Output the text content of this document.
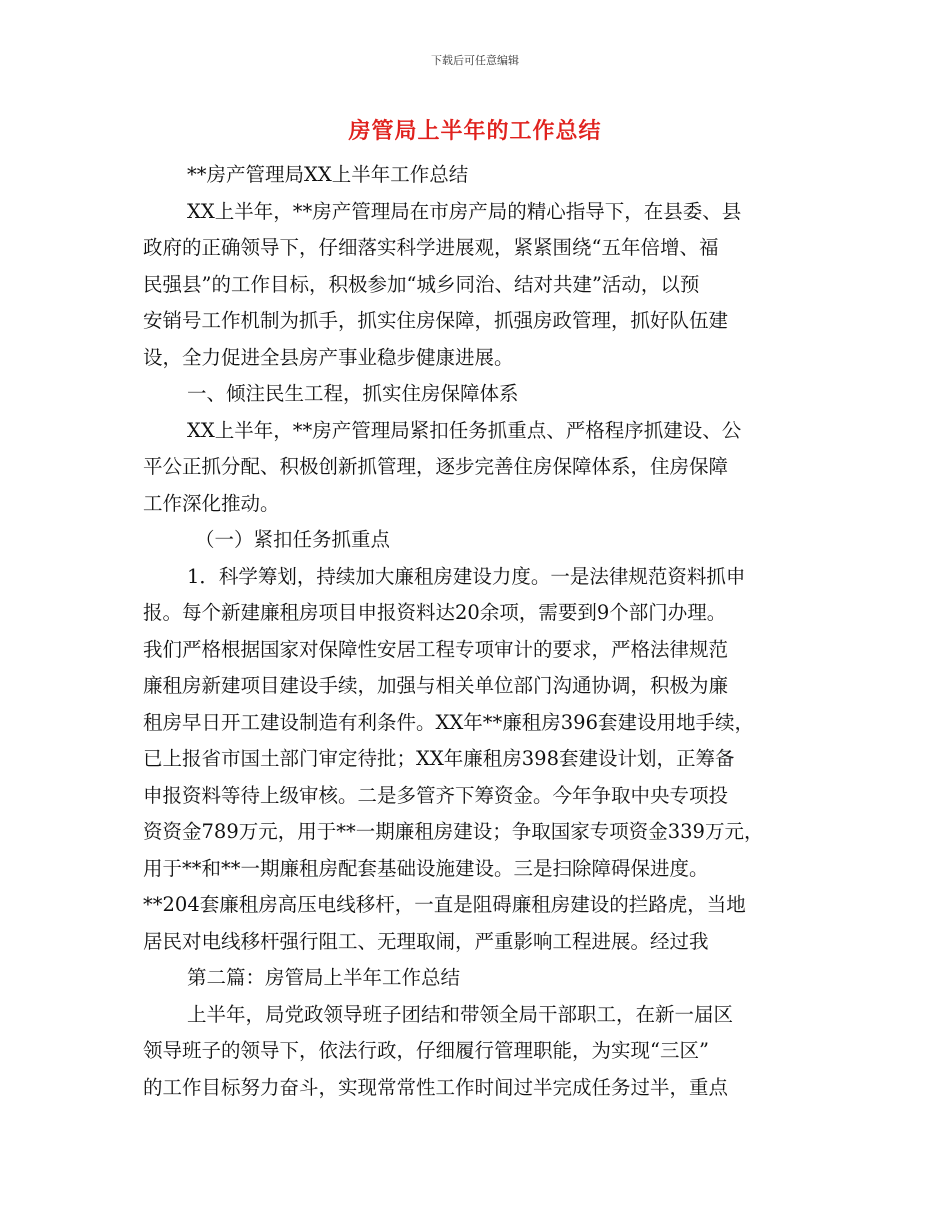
下载后可任意编辑
房管局上半年的工作总结
**房产管理局XX上半年工作总结
XX上半年，**房产管理局在市房产局的精心指导下，在县委、县
政府的正确领导下，仔细落实科学进展观，紧紧围绕“五年倍增、福
民强县”的工作目标，积极参加“城乡同治、结对共建”活动，以预
安销号工作机制为抓手，抓实住房保障，抓强房政管理，抓好队伍建
设，全力促进全县房产事业稳步健康进展。
一、倾注民生工程，抓实住房保障体系
XX上半年，**房产管理局紧扣任务抓重点、严格程序抓建设、公
平公正抓分配、积极创新抓管理，逐步完善住房保障体系，住房保障
工作深化推动。
（一）紧扣任务抓重点
1．科学筹划，持续加大廉租房建设力度。一是法律规范资料抓申
报。每个新建廉租房项目申报资料达20余项，需要到9个部门办理。
我们严格根据国家对保障性安居工程专项审计的要求，严格法律规范
廉租房新建项目建设手续，加强与相关单位部门沟通协调，积极为廉
租房早日开工建设制造有利条件。XX年**廉租房396套建设用地手续，
已上报省市国土部门审定待批；XX年廉租房398套建设计划，正筹备
申报资料等待上级审核。二是多管齐下筹资金。今年争取中央专项投
资资金789万元，用于**一期廉租房建设；争取国家专项资金339万元，
用于**和**一期廉租房配套基础设施建设。三是扫除障碍保进度。
**204套廉租房高压电线移杆，一直是阻碍廉租房建设的拦路虎，当地
居民对电线移杆强行阻工、无理取闹，严重影响工程进展。经过我
第二篇：房管局上半年工作总结
上半年，局党政领导班子团结和带领全局干部职工，在新一届区
领导班子的领导下，依法行政，仔细履行管理职能，为实现“三区”
的工作目标努力奋斗，实现常常性工作时间过半完成任务过半，重点
